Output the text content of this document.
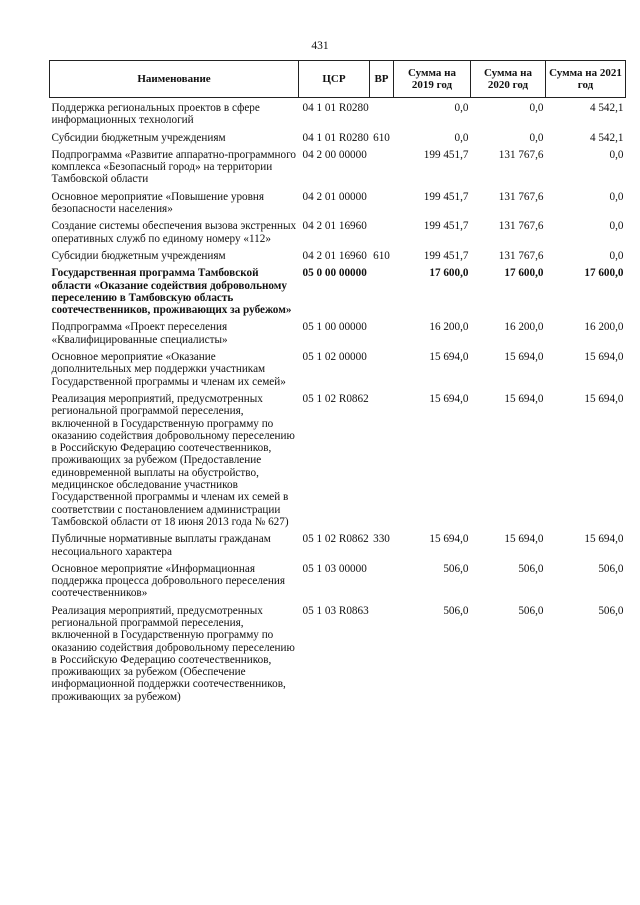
431
Наименование	ЦСР	ВР	Сумма на 2019 год	Сумма на 2020 год	Сумма на 2021 год
Поддержка региональных проектов в сфере информационных технологий	04 1 01 R0280		0,0	0,0	4 542,1
Субсидии бюджетным учреждениям	04 1 01 R0280	610	0,0	0,0	4 542,1
Подпрограмма «Развитие аппаратно-программного комплекса «Безопасный город» на территории Тамбовской области	04 2 00 00000		199 451,7	131 767,6	0,0
Основное мероприятие «Повышение уровня безопасности населения»	04 2 01 00000		199 451,7	131 767,6	0,0
Создание системы обеспечения вызова экстренных оперативных служб по единому номеру «112»	04 2 01 16960		199 451,7	131 767,6	0,0
Субсидии бюджетным учреждениям	04 2 01 16960	610	199 451,7	131 767,6	0,0
Государственная программа Тамбовской области «Оказание содействия добровольному переселению в Тамбовскую область соотечественников, проживающих за рубежом»	05 0 00 00000		17 600,0	17 600,0	17 600,0
Подпрограмма «Проект переселения «Квалифицированные специалисты»	05 1 00 00000		16 200,0	16 200,0	16 200,0
Основное мероприятие «Оказание дополнительных мер поддержки участникам Государственной программы и членам их семей»	05 1 02 00000		15 694,0	15 694,0	15 694,0
Реализация мероприятий, предусмотренных региональной программой переселения, включенной в Государственную программу по оказанию содействия добровольному переселению в Российскую Федерацию соотечественников, проживающих за рубежом (Предоставление единовременной выплаты на обустройство, медицинское обследование участников Государственной программы и членам их семей в соответствии с постановлением администрации Тамбовской области от 18 июня 2013 года № 627)	05 1 02 R0862		15 694,0	15 694,0	15 694,0
Публичные нормативные выплаты гражданам несоциального характера	05 1 02 R0862	330	15 694,0	15 694,0	15 694,0
Основное мероприятие «Информационная поддержка процесса добровольного переселения соотечественников»	05 1 03 00000		506,0	506,0	506,0
Реализация мероприятий, предусмотренных региональной программой переселения, включенной в Государственную программу по оказанию содействия добровольному переселению в Российскую Федерацию соотечественников, проживающих за рубежом (Обеспечение информационной поддержки соотечественников, проживающих за рубежом)	05 1 03 R0863		506,0	506,0	506,0
